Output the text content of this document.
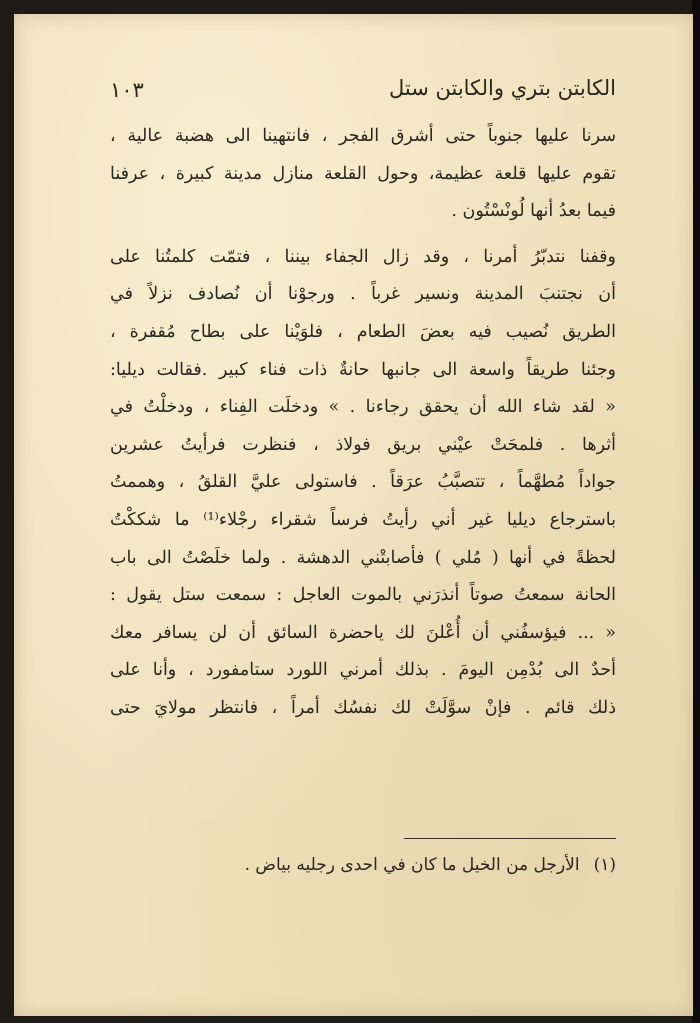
الكابتن بتري والكابتن ستل
١٠٣
سرنا عليها جنوباً حتى أشرق الفجر ، فانتهينا الى هضبة عالية ،
تقوم عليها قلعة عظيمة، وحول القلعة منازل مدينة كبيرة ، عرفنا
فيما بعدُ أنها لُونْسْتُون .
وقفنا نتدبّرُ أمرنا ، وقد زال الجفاء بيننا ، فتمّت كلمتُنا على
أن نجتنبَ المدينة ونسير غرباً . ورجوْنا أن نُصادف نزلاً في
الطريق نُصيب فيه بعضَ الطعام ، فلوَيْنا على بطاح مُقفرة ،
وجئنا طريقاً واسعة الى جانبها حانةٌ ذات فناء كبير .فقالت ديليا:
« لقد شاء الله أن يحقق رجاءنا . » ودخلَت الفِناء ، ودخلْتُ في
أثرها . فلمحَتْ عيْني بريق فولاذ ، فنظرت فرأيتُ عشرين
جواداً مُطهَّماً ، تتصبَّبُ عرَقاً . فاستولى عليَّ القلقُ ، وهممتُ
باسترجاع ديليا غير أني رأيتُ فرساً شقراء رجْلاء⁽¹⁾ ما شككْتُ
لحظةً في أنها ( مُلي ) فأصابتْني الدهشة . ولما خلَصْتُ الى باب
الحانة سمعتُ صوتاً أنذرَني بالموت العاجل : سمعت ستل يقول :
« ... فيؤسفُني أن أُعْلنَ لك ياحضرة السائق أن لن يسافر معك
أحدٌ الى بُدْمِن اليومَ . بذلك أمرني اللورد ستامفورد ، وأنا على
ذلك قائم . فإنْ سوَّلَتْ لك نفسُك أمراً ، فانتظر مولايَ حتى
(١)الأرجل من الخيل ما كان في احدى رجليه بياض .
